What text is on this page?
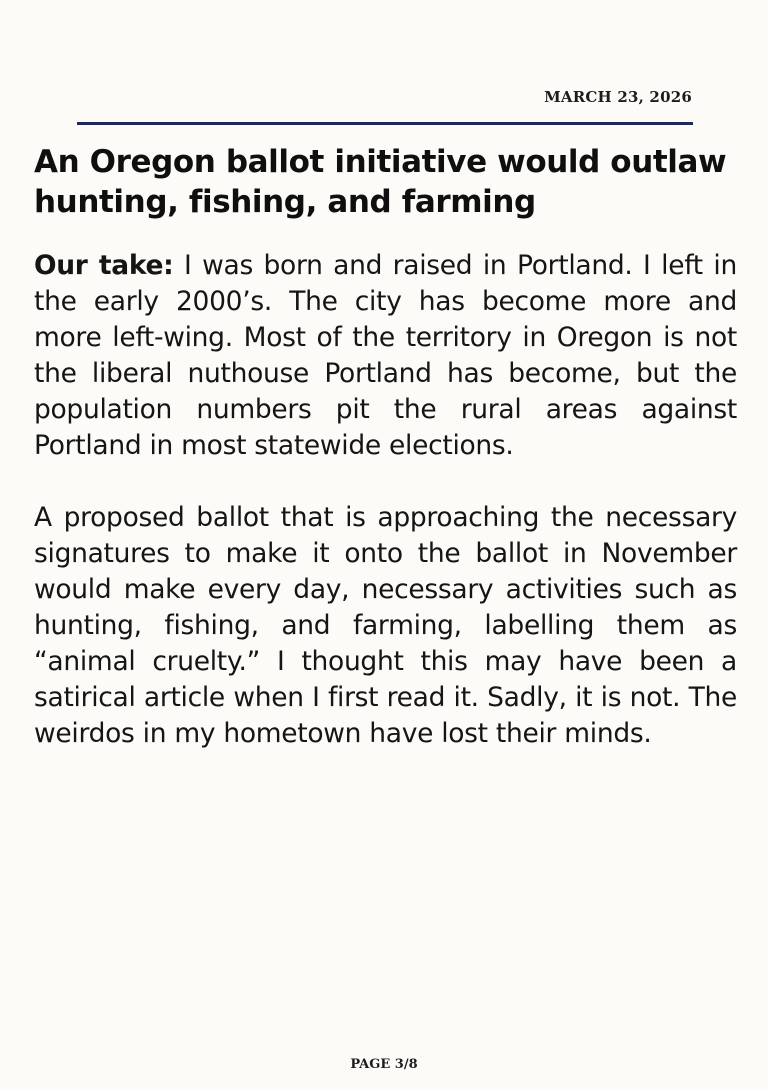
MARCH 23, 2026
An Oregon ballot initiative would outlaw hunting, fishing, and farming

Our take: I was born and raised in Portland. I left in the early 2000’s. The city has become more and more left-wing. Most of the territory in Oregon is not the liberal nuthouse Portland has become, but the population numbers pit the rural areas against Portland in most statewide elections.

A proposed ballot that is approaching the necessary signatures to make it onto the ballot in November would make every day, necessary activities such as hunting, fishing, and farming, labelling them as “animal cruelty.” I thought this may have been a satirical article when I first read it. Sadly, it is not. The weirdos in my hometown have lost their minds.

PAGE 3/8
